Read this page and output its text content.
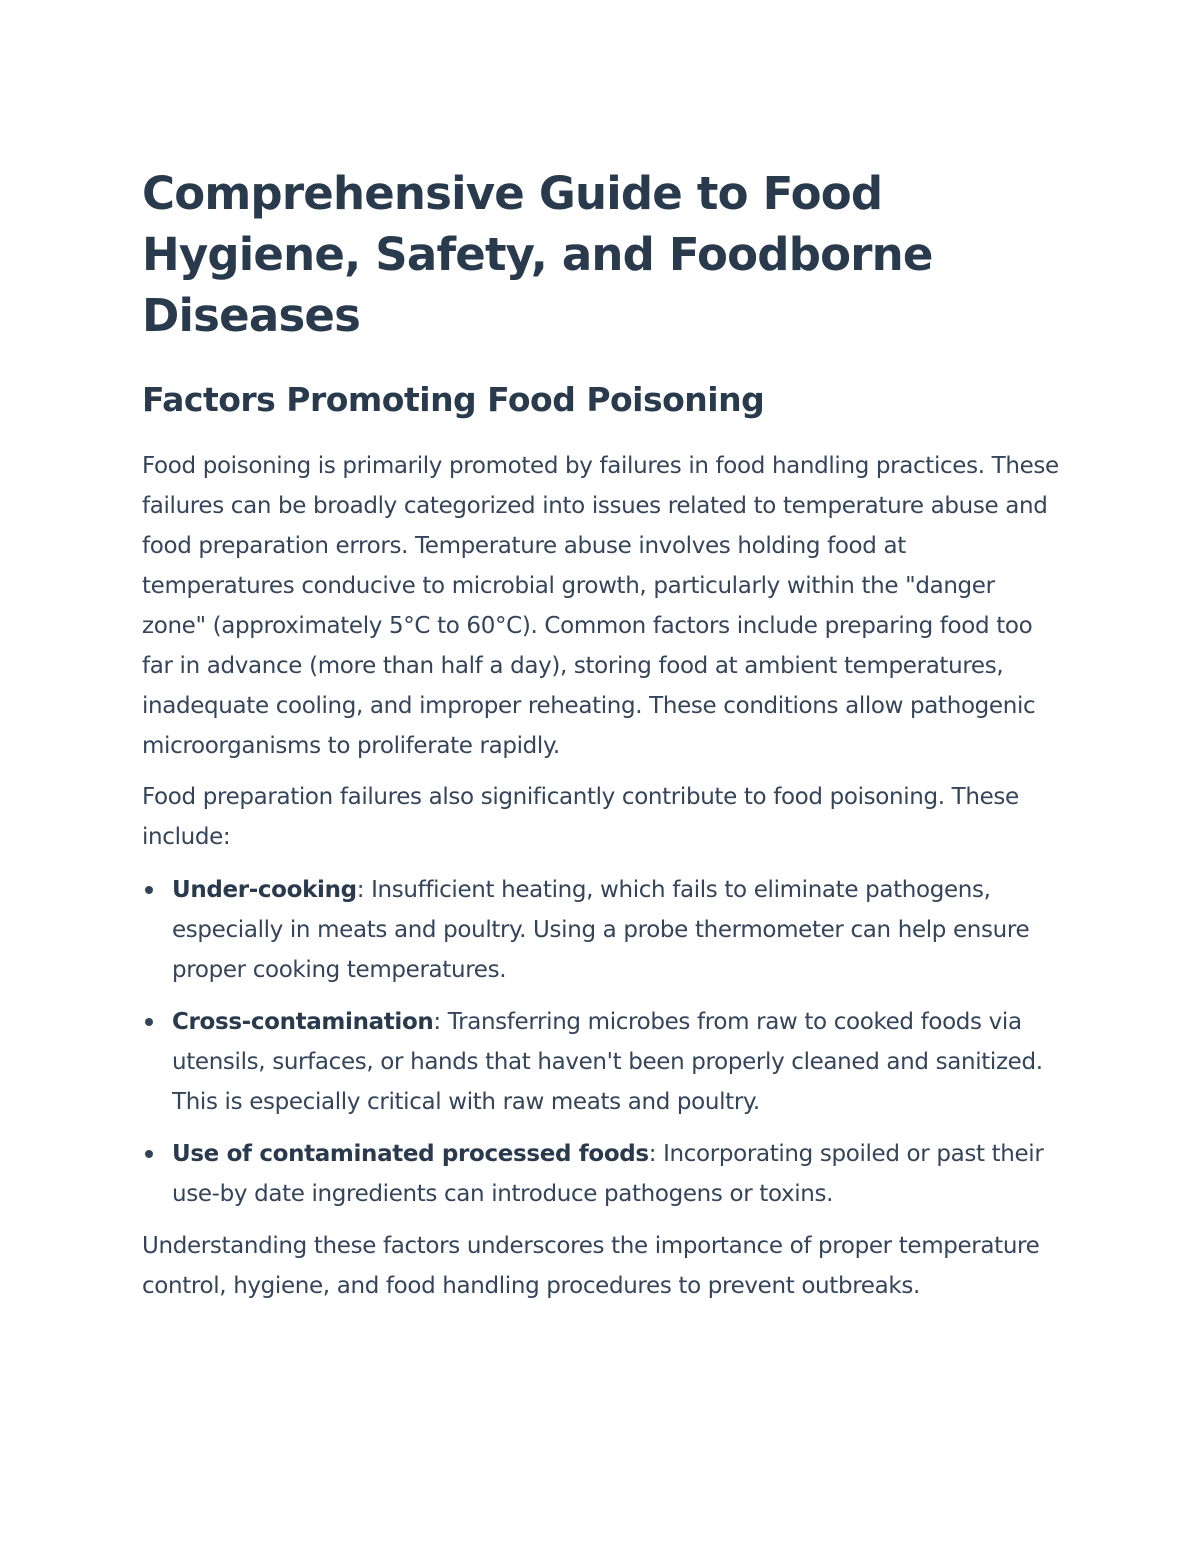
Comprehensive Guide to Food Hygiene, Safety, and Foodborne Diseases
Factors Promoting Food Poisoning

Food poisoning is primarily promoted by failures in food handling practices. These failures can be broadly categorized into issues related to temperature abuse and food preparation errors. Temperature abuse involves holding food at temperatures conducive to microbial growth, particularly within the "danger zone" (approximately 5°C to 60°C). Common factors include preparing food too far in advance (more than half a day), storing food at ambient temperatures, inadequate cooling, and improper reheating. These conditions allow pathogenic microorganisms to proliferate rapidly.

Food preparation failures also significantly contribute to food poisoning. These include:

Under-cooking: Insufficient heating, which fails to eliminate pathogens, especially in meats and poultry. Using a probe thermometer can help ensure proper cooking temperatures.
Cross-contamination: Transferring microbes from raw to cooked foods via utensils, surfaces, or hands that haven't been properly cleaned and sanitized. This is especially critical with raw meats and poultry.
Use of contaminated processed foods: Incorporating spoiled or past their use-by date ingredients can introduce pathogens or toxins.

Understanding these factors underscores the importance of proper temperature control, hygiene, and food handling procedures to prevent outbreaks.
